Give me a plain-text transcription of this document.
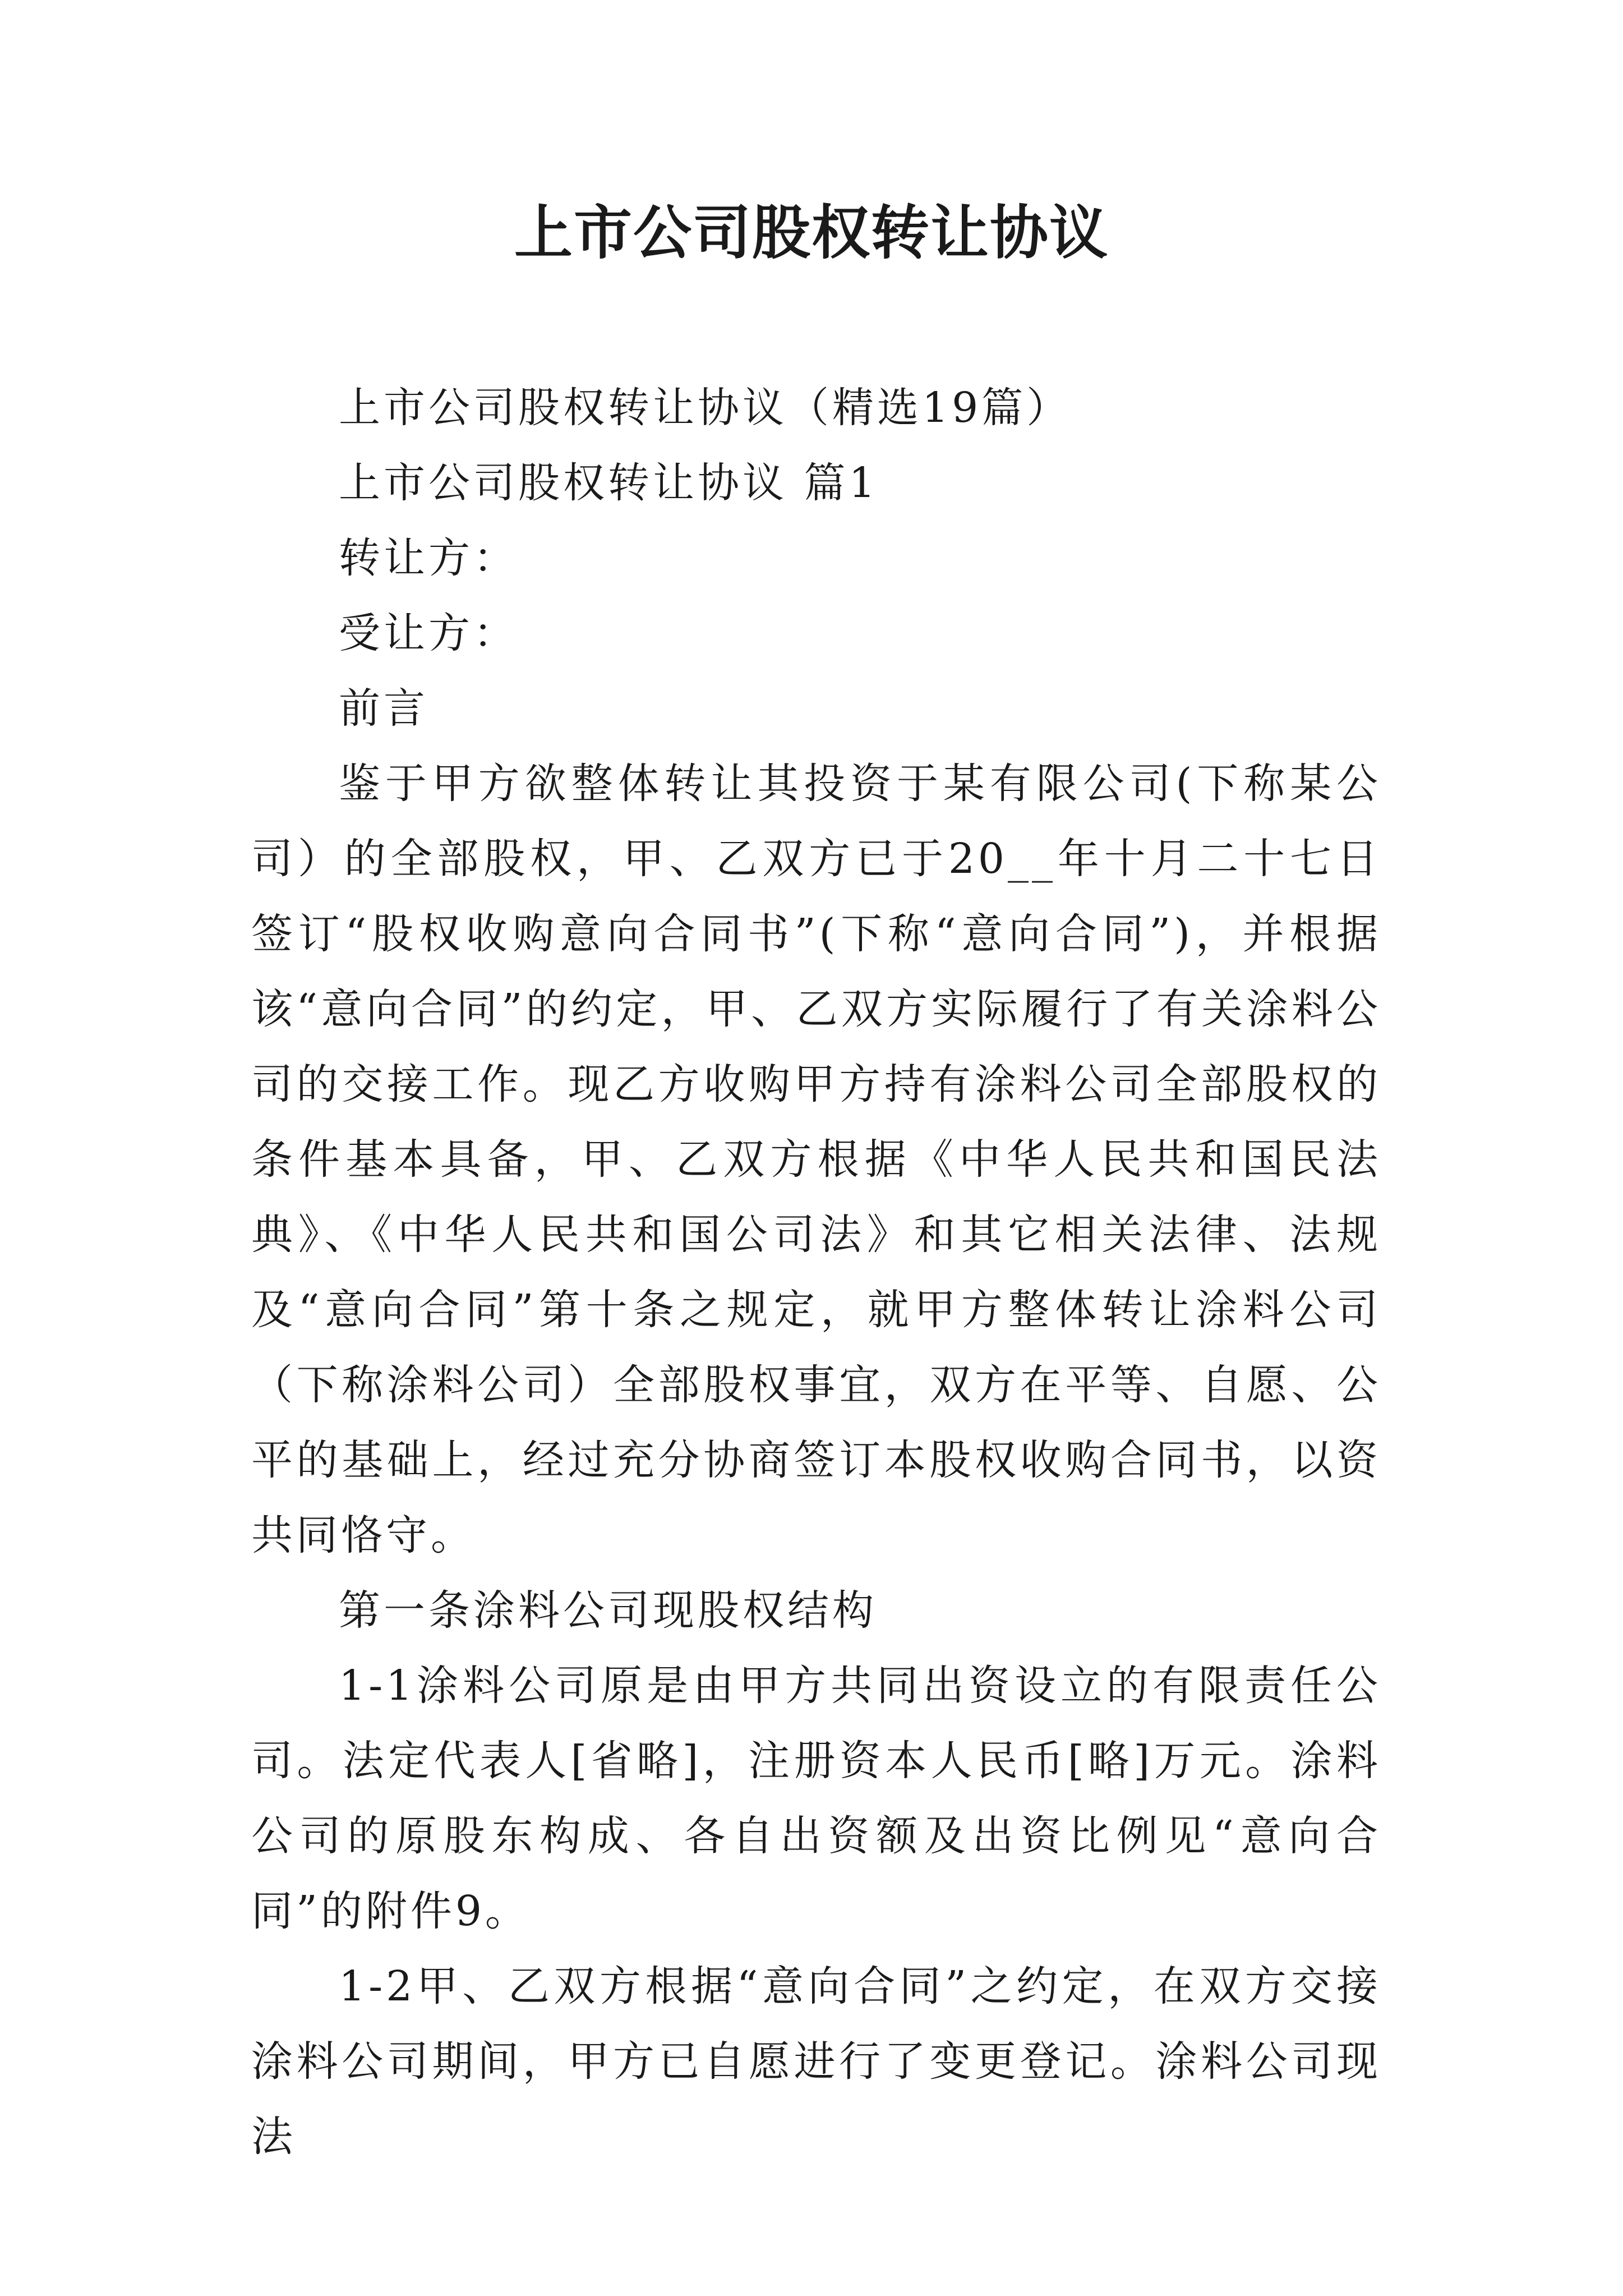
上市公司股权转让协议

上市公司股权转让协议（精选19篇）

上市公司股权转让协议 篇1

转让方：

受让方：

前言

鉴于甲方欲整体转让其投资于某有限公司(下称某公司）的全部股权，甲、乙双方已于20__年十月二十七日签订“股权收购意向合同书”(下称“意向合同”)，并根据该“意向合同”的约定，甲、乙双方实际履行了有关涂料公司的交接工作。现乙方收购甲方持有涂料公司全部股权的条件基本具备，甲、乙双方根据《中华人民共和国民法典》、《中华人民共和国公司法》和其它相关法律、法规及“意向合同”第十条之规定，就甲方整体转让涂料公司（下称涂料公司）全部股权事宜，双方在平等、自愿、公平的基础上，经过充分协商签订本股权收购合同书，以资共同恪守。

第一条涂料公司现股权结构

1-1涂料公司原是由甲方共同出资设立的有限责任公司。法定代表人[省略]，注册资本人民币[略]万元。涂料公司的原股东构成、各自出资额及出资比例见“意向合同”的附件9。

1-2甲、乙双方根据“意向合同”之约定，在双方交接涂料公司期间，甲方已自愿进行了变更登记。涂料公司现法
